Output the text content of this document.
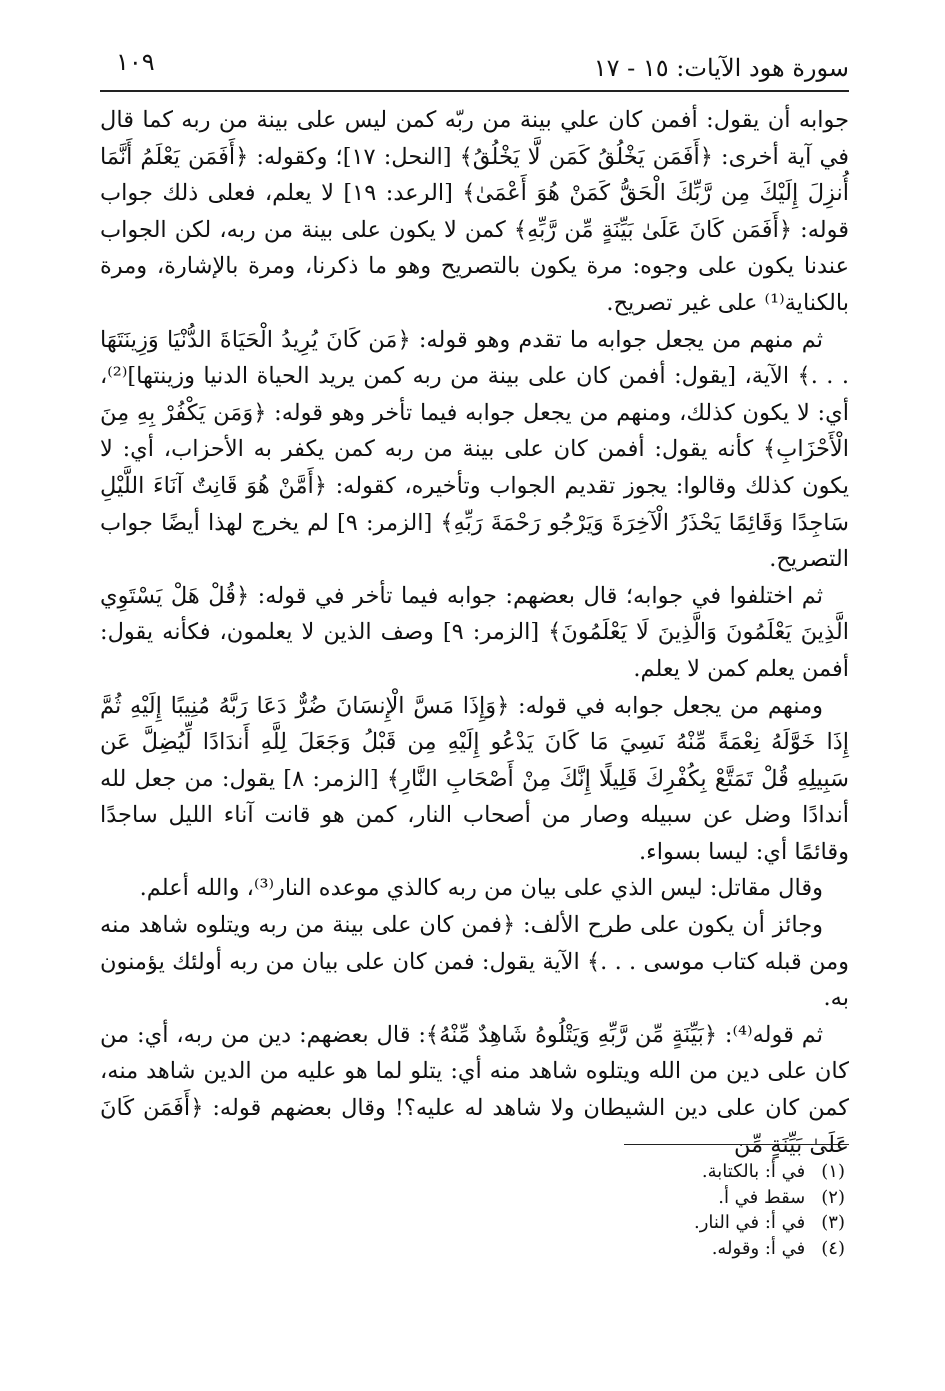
سورة هود الآيات: ١٥ - ١٧
١٠٩

جوابه أن يقول: أفمن كان علي بينة من ربّه كمن ليس على بينة من ربه كما قال في آية أخرى: ﴿أَفَمَن يَخْلُقُ كَمَن لَّا يَخْلُقُ﴾ [النحل: ١٧]؛ وكقوله: ﴿أَفَمَن يَعْلَمُ أَنَّمَا أُنزِلَ إِلَيْكَ مِن رَّبِّكَ الْحَقُّ كَمَنْ هُوَ أَعْمَىٰ﴾ [الرعد: ١٩] لا يعلم، فعلى ذلك جواب قوله: ﴿أَفَمَن كَانَ عَلَىٰ بَيِّنَةٍ مِّن رَّبِّهِ﴾ كمن لا يكون على بينة من ربه، لكن الجواب عندنا يكون على وجوه: مرة يكون بالتصريح وهو ما ذكرنا، ومرة بالإشارة، ومرة بالكناية⁽¹⁾ على غير تصريح.

ثم منهم من يجعل جوابه ما تقدم وهو قوله: ﴿مَن كَانَ يُرِيدُ الْحَيَاةَ الدُّنْيَا وَزِينَتَهَا . . .﴾ الآية، [يقول: أفمن كان على بينة من ربه كمن يريد الحياة الدنيا وزينتها]⁽²⁾، أي: لا يكون كذلك، ومنهم من يجعل جوابه فيما تأخر وهو قوله: ﴿وَمَن يَكْفُرْ بِهِ مِنَ الْأَحْزَابِ﴾ كأنه يقول: أفمن كان على بينة من ربه كمن يكفر به الأحزاب، أي: لا يكون كذلك وقالوا: يجوز تقديم الجواب وتأخيره، كقوله: ﴿أَمَّنْ هُوَ قَانِتٌ آنَاءَ اللَّيْلِ سَاجِدًا وَقَائِمًا يَحْذَرُ الْآخِرَةَ وَيَرْجُو رَحْمَةَ رَبِّهِ﴾ [الزمر: ٩] لم يخرج لهذا أيضًا جواب التصريح.

ثم اختلفوا في جوابه؛ قال بعضهم: جوابه فيما تأخر في قوله: ﴿قُلْ هَلْ يَسْتَوِي الَّذِينَ يَعْلَمُونَ وَالَّذِينَ لَا يَعْلَمُونَ﴾ [الزمر: ٩] وصف الذين لا يعلمون، فكأنه يقول: أفمن يعلم كمن لا يعلم.

ومنهم من يجعل جوابه في قوله: ﴿وَإِذَا مَسَّ الْإِنسَانَ ضُرٌّ دَعَا رَبَّهُ مُنِيبًا إِلَيْهِ ثُمَّ إِذَا خَوَّلَهُ نِعْمَةً مِّنْهُ نَسِيَ مَا كَانَ يَدْعُو إِلَيْهِ مِن قَبْلُ وَجَعَلَ لِلَّهِ أَندَادًا لِّيُضِلَّ عَن سَبِيلِهِ قُلْ تَمَتَّعْ بِكُفْرِكَ قَلِيلًا إِنَّكَ مِنْ أَصْحَابِ النَّارِ﴾ [الزمر: ٨] يقول: من جعل لله أندادًا وضل عن سبيله وصار من أصحاب النار، كمن هو قانت آناء الليل ساجدًا وقائمًا أي: ليسا بسواء.

وقال مقاتل: ليس الذي على بيان من ربه كالذي موعده النار⁽³⁾، والله أعلم.

وجائز أن يكون على طرح الألف: ﴿فمن كان على بينة من ربه ويتلوه شاهد منه ومن قبله كتاب موسى . . .﴾ الآية يقول: فمن كان على بيان من ربه أولئك يؤمنون به.

ثم قوله⁽⁴⁾: ﴿بَيِّنَةٍ مِّن رَّبِّهِ وَيَتْلُوهُ شَاهِدٌ مِّنْهُ﴾: قال بعضهم: دين من ربه، أي: من كان على دين من الله ويتلوه شاهد منه أي: يتلو لما هو عليه من الدين شاهد منه، كمن كان على دين الشيطان ولا شاهد له عليه؟! وقال بعضهم قوله: ﴿أَفَمَن كَانَ عَلَىٰ بَيِّنَةٍ مِّن

(١) في أ: بالكتابة.
(٢) سقط في أ.
(٣) في أ: في النار.
(٤) في أ: وقوله.
